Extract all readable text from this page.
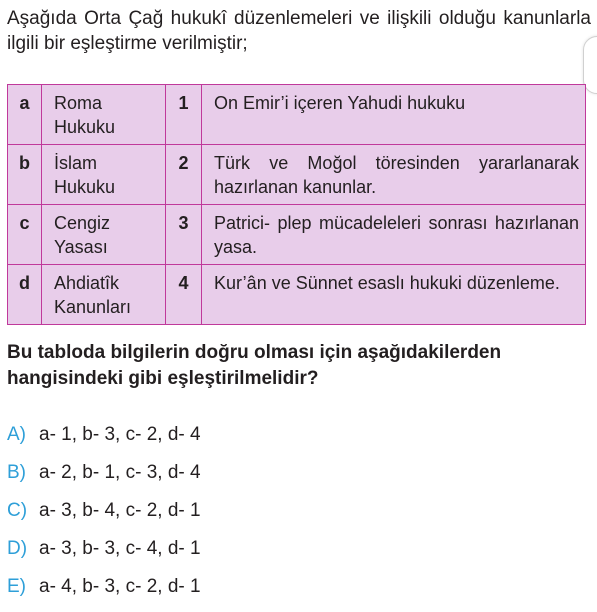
Aşağıda Orta Çağ hukukî düzenlemeleri ve ilişkili olduğu kanunlarla ilgili bir eşleştirme verilmiştir;
a	Roma Hukuku	1	On Emir’i içeren Yahudi hukuku
b	İslam Hukuku	2	Türk ve Moğol töresinden yararlanarak hazırlanan kanunlar.
c	Cengiz Yasası	3	Patrici- plep mücadeleleri sonrası hazırlanan yasa.
d	Ahdiatîk Kanunları	4	Kur’ân ve Sünnet esaslı hukuki düzenleme.
Bu tabloda bilgilerin doğru olması için aşağıdakilerden hangisindeki gibi eşleştirilmelidir?
A) a- 1, b- 3, c- 2, d- 4
B) a- 2, b- 1, c- 3, d- 4
C) a- 3, b- 4, c- 2, d- 1
D) a- 3, b- 3, c- 4, d- 1
E) a- 4, b- 3, c- 2, d- 1
